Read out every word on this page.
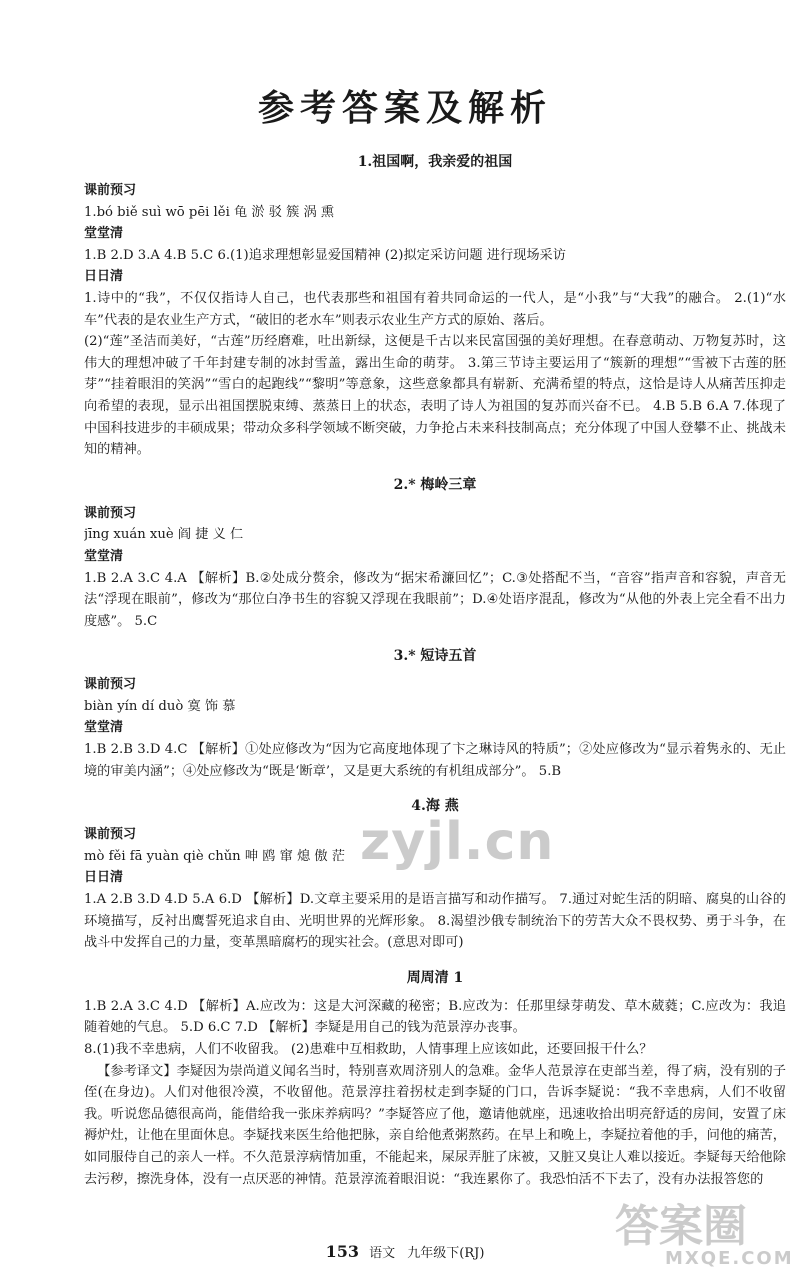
参考答案及解析
1.祖国啊，我亲爱的祖国
课前预习
1.bó biě suì wō pēi lěi 龟 淤 驳 簇 涡 熏
堂堂清
1.B 2.D 3.A 4.B 5.C 6.(1)追求理想彰显爱国精神 (2)拟定采访问题 进行现场采访
日日清
1.诗中的“我”，不仅仅指诗人自己，也代表那些和祖国有着共同命运的一代人，是“小我”与“大我”的融合。 2.(1)“水车”代表的是农业生产方式，“破旧的老水车”则表示农业生产方式的原始、落后。
(2)“莲”圣洁而美好，“古莲”历经磨难，吐出新绿，这便是千古以来民富国强的美好理想。在春意萌动、万物复苏时，这伟大的理想冲破了千年封建专制的冰封雪盖，露出生命的萌芽。 3.第三节诗主要运用了“簇新的理想”“雪被下古莲的胚芽”“挂着眼泪的笑涡”“雪白的起跑线”“黎明”等意象，这些意象都具有崭新、充满希望的特点，这恰是诗人从痛苦压抑走向希望的表现，显示出祖国摆脱束缚、蒸蒸日上的状态，表明了诗人为祖国的复苏而兴奋不已。 4.B 5.B 6.A 7.体现了中国科技进步的丰硕成果；带动众多科学领域不断突破，力争抢占未来科技制高点；充分体现了中国人登攀不止、挑战未知的精神。
2.* 梅岭三章
课前预习
jīng xuán xuè 阎 捷 义 仁
堂堂清
1.B 2.A 3.C 4.A 【解析】B.②处成分赘余，修改为“据宋希濂回忆”；C.③处搭配不当，“音容”指声音和容貌，声音无法“浮现在眼前”，修改为“那位白净书生的容貌又浮现在我眼前”；D.④处语序混乱，修改为“从他的外表上完全看不出力度感”。 5.C
3.* 短诗五首
课前预习
biàn yín dí duò 寞 饰 慕
堂堂清
1.B 2.B 3.D 4.C 【解析】①处应修改为“因为它高度地体现了卞之琳诗风的特质”；②处应修改为“显示着隽永的、无止境的审美内涵”；④处应修改为“既是‘断章’，又是更大系统的有机组成部分”。 5.B
4.海 燕
课前预习
mò fěi fā yuàn qiè chǔn 呻 鸥 窜 熄 傲 茫
日日清
1.A 2.B 3.D 4.D 5.A 6.D 【解析】D.文章主要采用的是语言描写和动作描写。 7.通过对蛇生活的阴暗、腐臭的山谷的环境描写，反衬出鹰誓死追求自由、光明世界的光辉形象。 8.渴望沙俄专制统治下的劳苦大众不畏权势、勇于斗争，在战斗中发挥自己的力量，变革黑暗腐朽的现实社会。(意思对即可)
周周清 1
1.B 2.A 3.C 4.D 【解析】A.应改为：这是大河深藏的秘密；B.应改为：任那里绿芽萌发、草木葳蕤；C.应改为：我追随着她的气息。 5.D 6.C 7.D 【解析】李疑是用自己的钱为范景淳办丧事。
8.(1)我不幸患病，人们不收留我。 (2)患难中互相救助，人情事理上应该如此，还要回报干什么？
【参考译文】李疑因为崇尚道义闻名当时，特别喜欢周济别人的急难。金华人范景淳在吏部当差，得了病，没有别的子侄(在身边)。人们对他很冷漠，不收留他。范景淳拄着拐杖走到李疑的门口，告诉李疑说：“我不幸患病，人们不收留我。听说您品德很高尚，能借给我一张床养病吗？”李疑答应了他，邀请他就座，迅速收拾出明亮舒适的房间，安置了床褥炉灶，让他在里面休息。李疑找来医生给他把脉，亲自给他煮粥熬药。在早上和晚上，李疑拉着他的手，问他的痛苦，如同服侍自己的亲人一样。不久范景淳病情加重，不能起来，屎尿弄脏了床被，又脏又臭让人难以接近。李疑每天给他除去污秽，擦洗身体，没有一点厌恶的神情。范景淳流着眼泪说：“我连累你了。我恐怕活不下去了，没有办法报答您的
153 语文 九年级下(RJ)
zyjl.cn
答案圈
MXQE.COM
